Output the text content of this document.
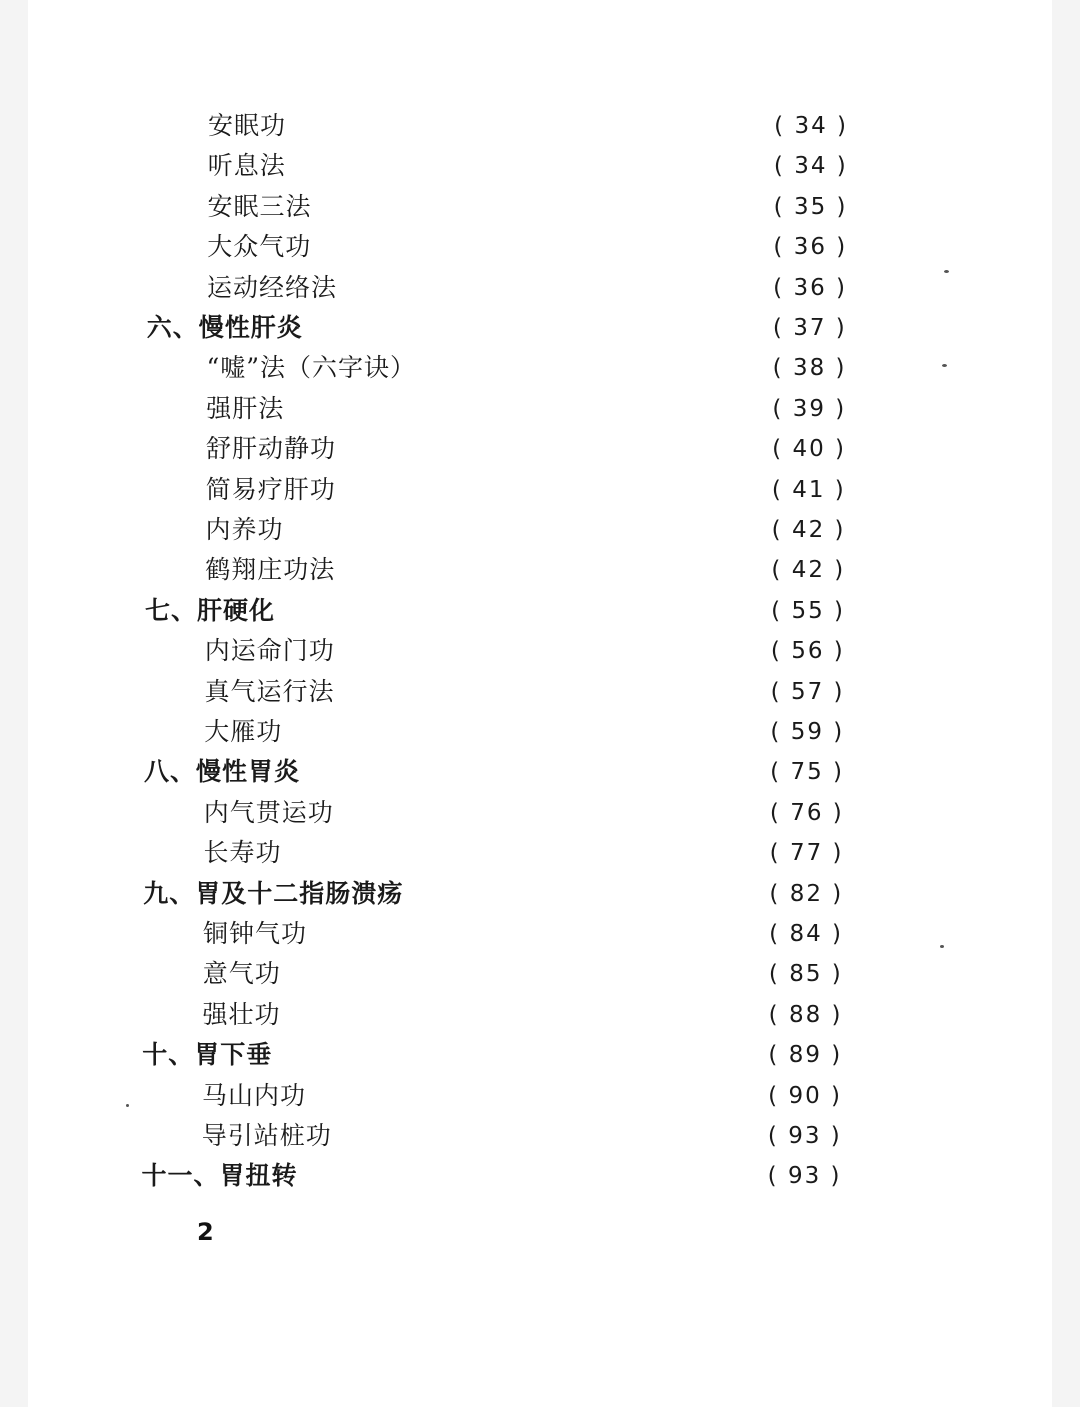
安眠功	( 34 )
听息法	( 34 )
安眠三法	( 35 )
大众气功	( 36 )
运动经络法	( 36 )
六、慢性肝炎	( 37 )
“嘘”法（六字诀）	( 38 )
强肝法	( 39 )
舒肝动静功	( 40 )
简易疗肝功	( 41 )
内养功	( 42 )
鹤翔庄功法	( 42 )
七、肝硬化	( 55 )
内运命门功	( 56 )
真气运行法	( 57 )
大雁功	( 59 )
八、慢性胃炎	( 75 )
内气贯运功	( 76 )
长寿功	( 77 )
九、胃及十二指肠溃疡	( 82 )
铜钟气功	( 84 )
意气功	( 85 )
强壮功	( 88 )
十、胃下垂	( 89 )
马山内功	( 90 )
导引站桩功	( 93 )
十一、胃扭转	( 93 )
2
